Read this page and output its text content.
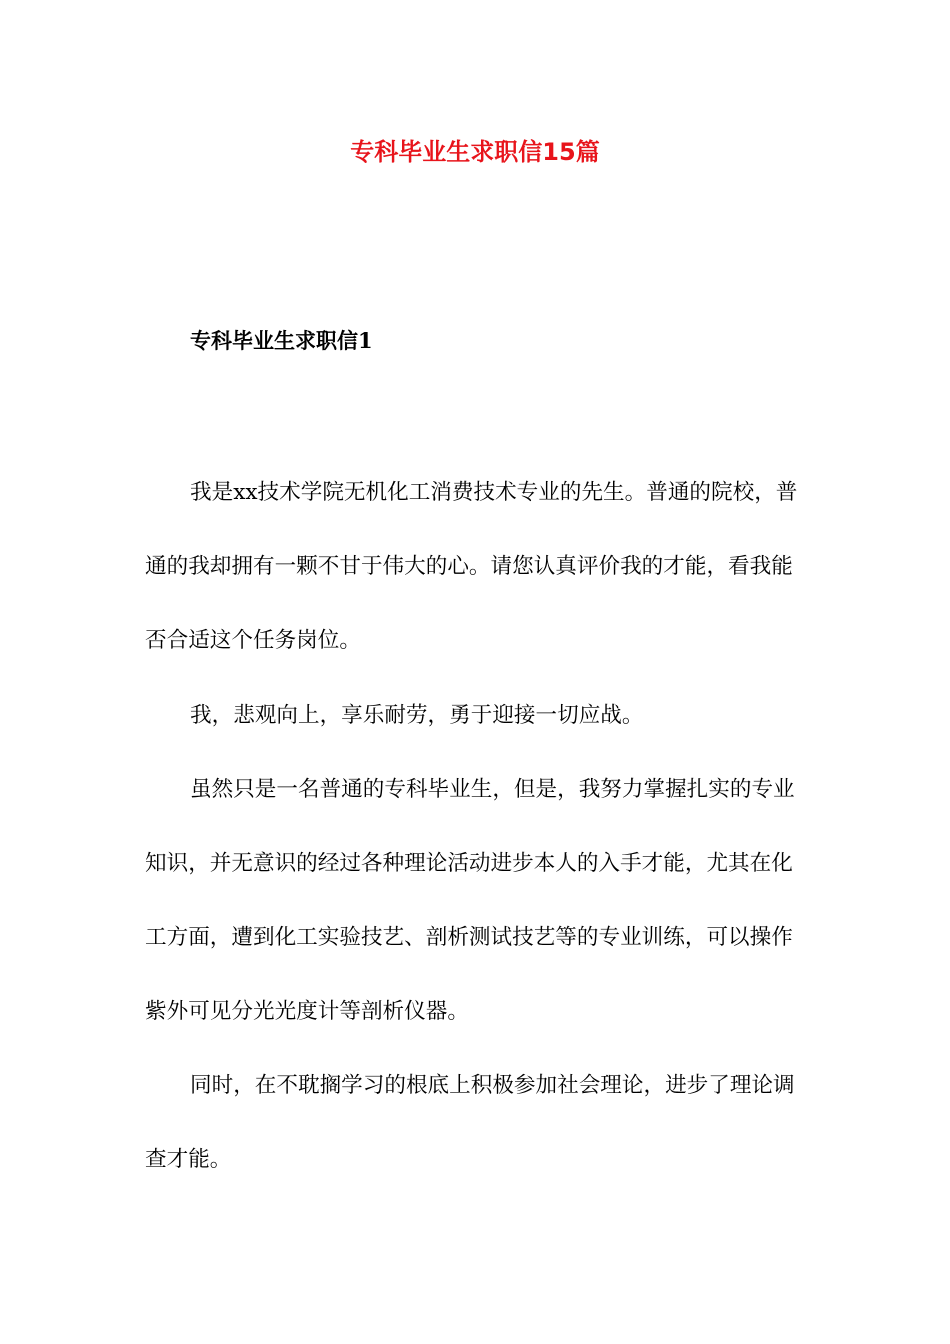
专科毕业生求职信15篇
专科毕业生求职信1

我是xx技术学院无机化工消费技术专业的先生。普通的院校，普通的我却拥有一颗不甘于伟大的心。请您认真评价我的才能，看我能否合适这个任务岗位。

我，悲观向上，享乐耐劳，勇于迎接一切应战。

虽然只是一名普通的专科毕业生，但是，我努力掌握扎实的专业知识，并无意识的经过各种理论活动进步本人的入手才能，尤其在化工方面，遭到化工实验技艺、剖析测试技艺等的专业训练，可以操作紫外可见分光光度计等剖析仪器。

同时，在不耽搁学习的根底上积极参加社会理论，进步了理论调查才能。
